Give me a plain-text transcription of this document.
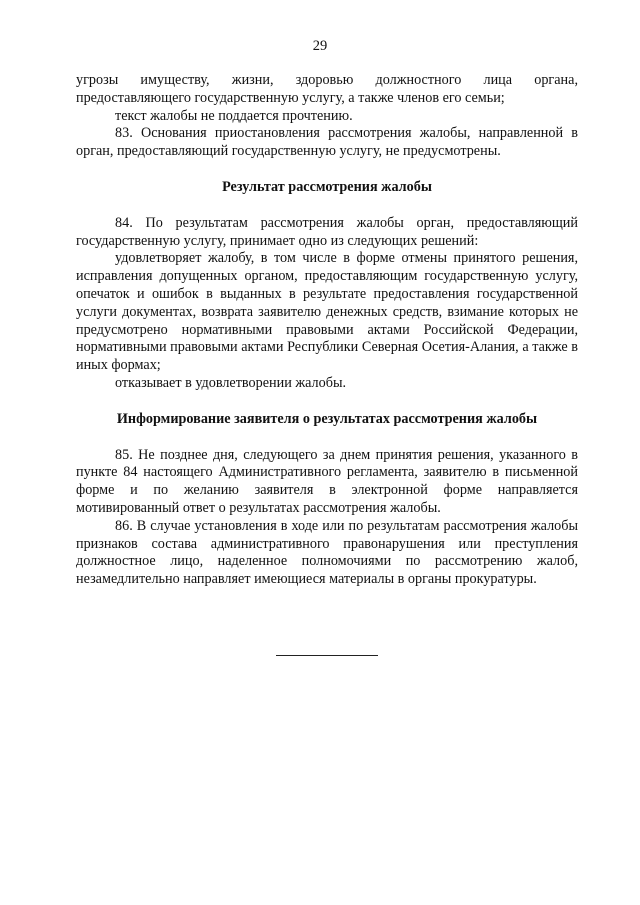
29

угрозы имуществу, жизни, здоровью должностного лица органа, предоставляющего государственную услугу, а также членов его семьи;

текст жалобы не поддается прочтению.

83. Основания приостановления рассмотрения жалобы, направленной в орган, предоставляющий государственную услугу, не предусмотрены.

Результат рассмотрения жалобы

84. По результатам рассмотрения жалобы орган, предоставляющий государственную услугу, принимает одно из следующих решений:

удовлетворяет жалобу, в том числе в форме отмены принятого решения, исправления допущенных органом, предоставляющим государственную услугу, опечаток и ошибок в выданных в результате предоставления государственной услуги документах, возврата заявителю денежных средств, взимание которых не предусмотрено нормативными правовыми актами Российской Федерации, нормативными правовыми актами Республики Северная Осетия-Алания, а также в иных формах;

отказывает в удовлетворении жалобы.

Информирование заявителя о результатах рассмотрения жалобы

85. Не позднее дня, следующего за днем принятия решения, указанного в пункте 84 настоящего Административного регламента, заявителю в письменной форме и по желанию заявителя в электронной форме направляется мотивированный ответ о результатах рассмотрения жалобы.

86. В случае установления в ходе или по результатам рассмотрения жалобы признаков состава административного правонарушения или преступления должностное лицо, наделенное полномочиями по рассмотрению жалоб, незамедлительно направляет имеющиеся материалы в органы прокуратуры.
